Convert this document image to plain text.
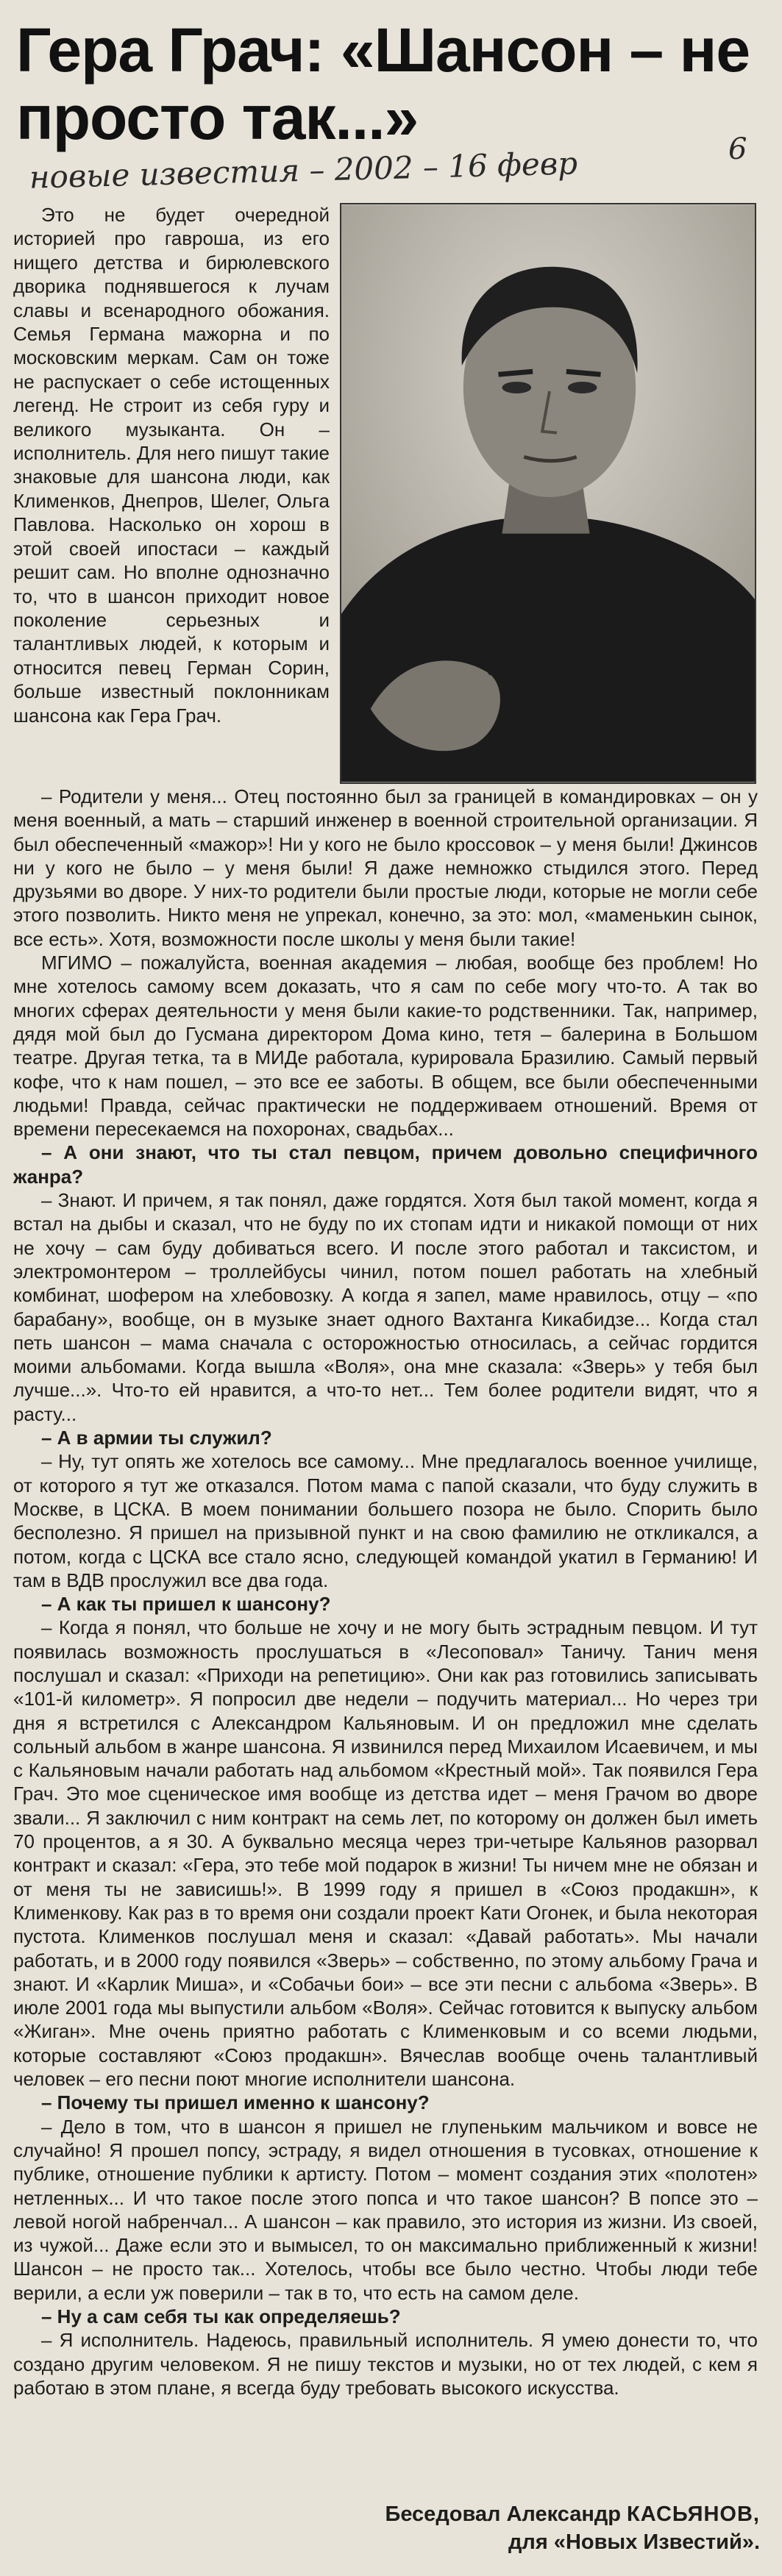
Гера Грач: «Шансон – не просто так...»
новые известия – 2002 – 16 февр	6

Это не будет очередной историей про гаврошa, из его нищего детства и бирюлевского дворика поднявшегося к лучам славы и всенародного обожания. Семья Германа мажорна и по московским меркам. Сам он тоже не распускает о себе истощенных легенд. Не строит из себя гуру и великого музыканта. Он – исполнитель. Для него пишут такие знаковые для шансона люди, как Клименков, Днепров, Шелег, Ольга Павлова. Насколько он хорош в этой своей ипостаси – каждый решит сам. Но вполне однозначно то, что в шансон приходит новое поколение серьезных и талантливых людей, к которым и относится певец Герман Сорин, больше известный поклонникам шансона как Гера Грач.

– Родители у меня... Отец постоянно был за границей в командировках – он у меня военный, а мать – старший инженер в военной строительной организации. Я был обеспеченный «мажор»! Ни у кого не было кроссовок – у меня были! Джинсов ни у кого не было – у меня были! Я даже немножко стыдился этого. Перед друзьями во дворе. У них-то родители были простые люди, которые не могли себе этого позволить. Никто меня не упрекал, конечно, за это: мол, «маменькин сынок, все есть». Хотя, возможности после школы у меня были такие!

МГИМО – пожалуйста, военная академия – любая, вообще без проблем! Но мне хотелось самому всем доказать, что я сам по себе могу что-то. А так во многих сферах деятельности у меня были какие-то родственники. Так, например, дядя мой был до Гусмана директором Дома кино, тетя – балерина в Большом театре. Другая тетка, та в МИДе работала, курировала Бразилию. Самый первый кофе, что к нам пошел, – это все ее заботы. В общем, все были обеспеченными людьми! Правда, сейчас практически не поддерживаем отношений. Время от времени пересекаемся на похоронах, свадьбах...

– А они знают, что ты стал певцом, причем довольно специфичного жанра?

– Знают. И причем, я так понял, даже гордятся. Хотя был такой момент, когда я встал на дыбы и сказал, что не буду по их стопам идти и никакой помощи от них не хочу – сам буду добиваться всего. И после этого работал и таксистом, и электромонтером – троллейбусы чинил, потом пошел работать на хлебный комбинат, шофером на хлебовозку. А когда я запел, маме нравилось, отцу – «по барабану», вообще, он в музыке знает одного Вахтанга Кикабидзе... Когда стал петь шансон – мама сначала с осторожностью относилась, а сейчас гордится моими альбомами. Когда вышла «Воля», она мне сказала: «Зверь» у тебя был лучше...». Что-то ей нравится, а что-то нет... Тем более родители видят, что я расту...

– А в армии ты служил?

– Ну, тут опять же хотелось все самому... Мне предлагалось военное училище, от которого я тут же отказался. Потом мама с папой сказали, что буду служить в Москве, в ЦСКА. В моем понимании большего позора не было. Спорить было бесполезно. Я пришел на призывной пункт и на свою фамилию не откликался, а потом, когда с ЦСКА все стало ясно, следующей командой укатил в Германию! И там в ВДВ прослужил все два года.

– А как ты пришел к шансону?

– Когда я понял, что больше не хочу и не могу быть эстрадным певцом. И тут появилась возможность прослушаться в «Лесоповал» Таничу. Танич меня послушал и сказал: «Приходи на репетицию». Они как раз готовились записывать «101-й километр». Я попросил две недели – подучить материал... Но через три дня я встретился с Александром Кальяновым. И он предложил мне сделать сольный альбом в жанре шансона. Я извинился перед Михаилом Исаевичем, и мы с Кальяновым начали работать над альбомом «Крестный мой». Так появился Гера Грач. Это мое сценическое имя вообще из детства идет – меня Грачом во дворе звали... Я заключил с ним контракт на семь лет, по которому он должен был иметь 70 процентов, а я 30. А буквально месяца через три-четыре Кальянов разорвал контракт и сказал: «Гера, это тебе мой подарок в жизни! Ты ничем мне не обязан и от меня ты не зависишь!». В 1999 году я пришел в «Союз продакшн», к Клименкову. Как раз в то время они создали проект Кати Огонек, и была некоторая пустота. Клименков послушал меня и сказал: «Давай работать». Мы начали работать, и в 2000 году появился «Зверь» – собственно, по этому альбому Грача и знают. И «Карлик Миша», и «Собачьи бои» – все эти песни с альбома «Зверь». В июле 2001 года мы выпустили альбом «Воля». Сейчас готовится к выпуску альбом «Жиган». Мне очень приятно работать с Клименковым и со всеми людьми, которые составляют «Союз продакшн». Вячеслав вообще очень талантливый человек – его песни поют многие исполнители шансона.

– Почему ты пришел именно к шансону?

– Дело в том, что в шансон я пришел не глупеньким мальчиком и вовсе не случайно! Я прошел попсу, эстраду, я видел отношения в тусовках, отношение к публике, отношение публики к артисту. Потом – момент создания этих «полотен» нетленных... И что такое после этого попса и что такое шансон? В попсе это – левой ногой набренчал... А шансон – как правило, это история из жизни. Из своей, из чужой... Даже если это и вымысел, то он максимально приближенный к жизни! Шансон – не просто так... Хотелось, чтобы все было честно. Чтобы люди тебе верили, а если уж поверили – так в то, что есть на самом деле.

– Ну а сам себя ты как определяешь?

– Я исполнитель. Надеюсь, правильный исполнитель. Я умею донести то, что создано другим человеком. Я не пишу текстов и музыки, но от тех людей, с кем я работаю в этом плане, я всегда буду требовать высокого искусства.

Беседовал Александр КАСЬЯНОВ,
для «Новых Известий».
